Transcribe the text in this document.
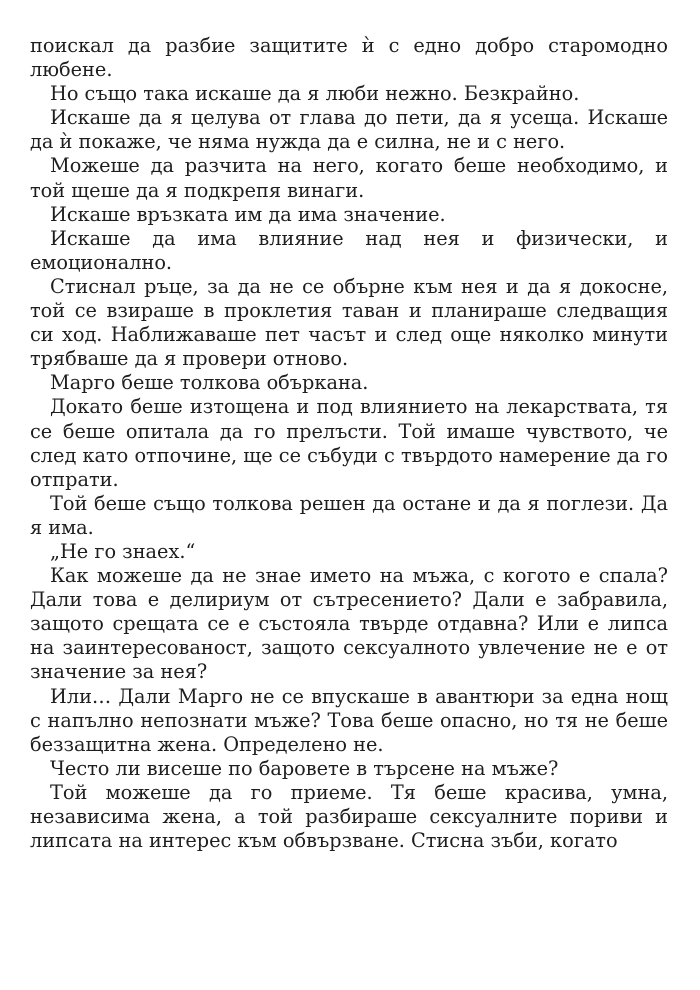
поискал да разбие защитите ѝ с едно добро старомодно любене.

Но също така искаше да я люби нежно. Безкрайно.

Искаше да я целува от глава до пети, да я усеща. Искаше да ѝ покаже, че няма нужда да е силна, не и с него.

Можеше да разчита на него, когато беше необходимо, и той щеше да я подкрепя винаги.

Искаше връзката им да има значение.

Искаше да има влияние над нея и физически, и емоционално.

Стиснал ръце, за да не се обърне към нея и да я докосне, той се взираше в проклетия таван и планираше следващия си ход. Наближаваше пет часът и след още няколко минути трябваше да я провери отново.

Марго беше толкова объркана.

Докато беше изтощена и под влиянието на лекарствата, тя се беше опитала да го прелъсти. Той имаше чувството, че след като отпочине, ще се събуди с твърдото намерение да го отпрати.

Той беше също толкова решен да остане и да я поглези. Да я има.

„Не го знаех.“

Как можеше да не знае името на мъжа, с когото е спала? Дали това е делириум от сътресението? Дали е забравила, защото срещата се е състояла твърде отдавна? Или е липса на заинтересованост, защото сексуалното увлечение не е от значение за нея?

Или… Дали Марго не се впускаше в авантюри за една нощ с напълно непознати мъже? Това беше опасно, но тя не беше беззащитна жена. Определено не.

Често ли висеше по баровете в търсене на мъже?

Той можеше да го приеме. Тя беше красива, умна, независима жена, а той разбираше сексуалните пориви и липсата на интерес към обвързване. Стисна зъби, когато
